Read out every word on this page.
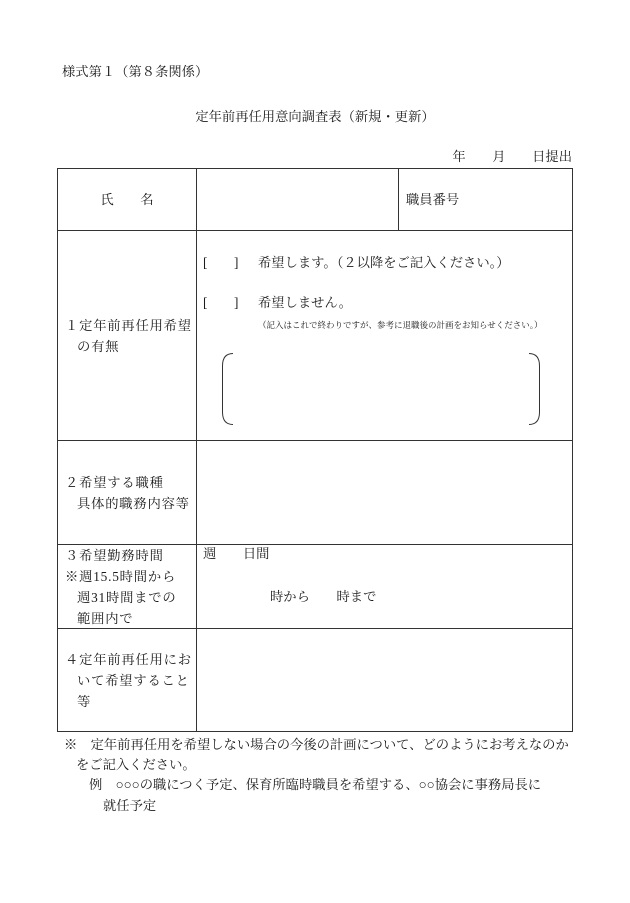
様式第１（第８条関係）
定年前再任用意向調査表（新規・更新）
年　　月　　日提出
氏　　名	職員番号
１定年前再任用希望
の有無
[　　] 希望します。（２以降をご記入ください。）
[　　] 希望しません。
（記入はこれで終わりですが、参考に退職後の計画をお知らせください。）
２希望する職種
具体的職務内容等
３希望勤務時間
※週15.5時間から
週31時間までの
範囲内で
週　　日間
時から　　時まで
４定年前再任用にお
いて希望すること
等
※　定年前再任用を希望しない場合の今後の計画について、どのようにお考えなのか
をご記入ください。
例　○○○の職につく予定、保育所臨時職員を希望する、○○協会に事務局長に
就任予定
